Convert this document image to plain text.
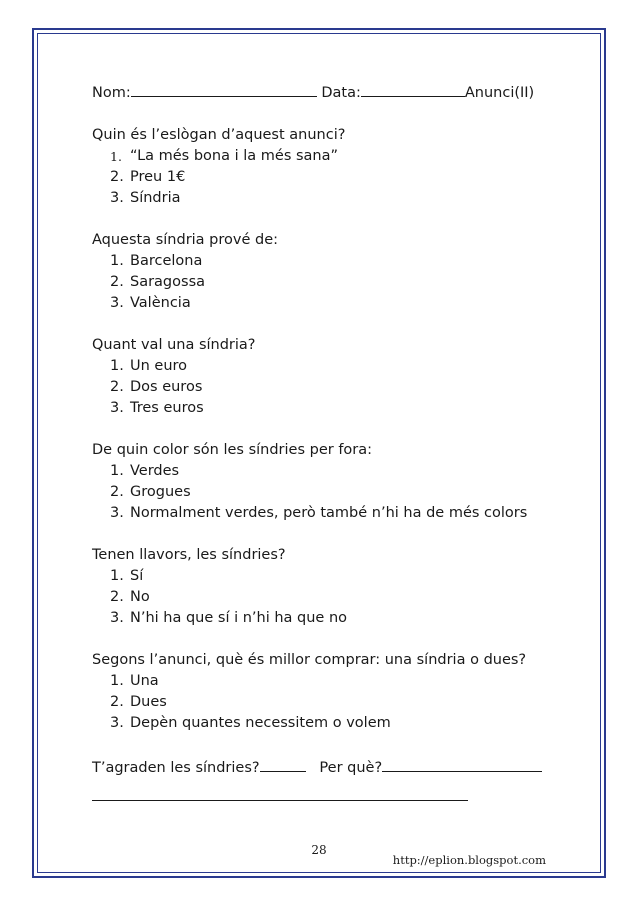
Nom:	Data:	Anunci(II)

Quin és l’eslògan d’aquest anunci?

1. “La més bona i la més sana”
2. Preu 1€
3. Síndria

Aquesta síndria prové de:

1. Barcelona
2. Saragossa
3. València

Quant val una síndria?

1. Un euro
2. Dos euros
3. Tres euros

De quin color són les síndries per fora:

1. Verdes
2. Grogues
3. Normalment verdes, però també n’hi ha de més colors

Tenen llavors, les síndries?

1. Sí
2. No
3. N’hi ha que sí i n’hi ha que no

Segons l’anunci, què és millor comprar: una síndria o dues?

1. Una
2. Dues
3. Depèn quantes necessitem o volem

T’agraden les síndries?	Per què?

28
http://eplion.blogspot.com
